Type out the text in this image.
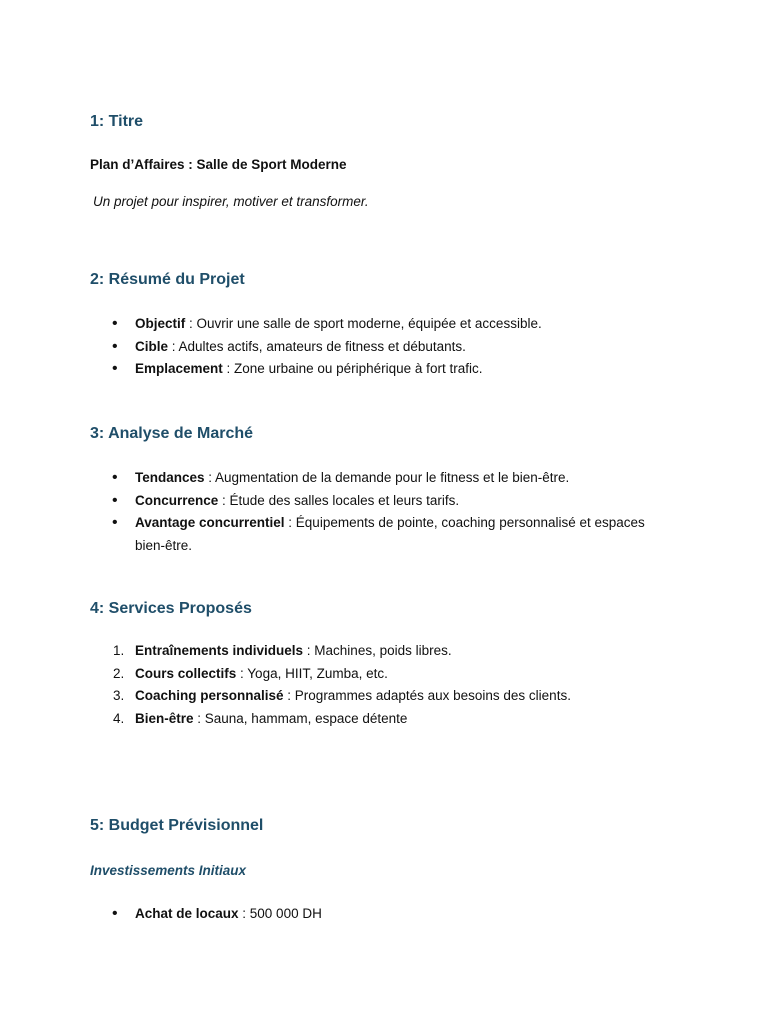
1: Titre

Plan d’Affaires : Salle de Sport Moderne

Un projet pour inspirer, motiver et transformer.

2: Résumé du Projet
• Objectif : Ouvrir une salle de sport moderne, équipée et accessible.
• Cible : Adultes actifs, amateurs de fitness et débutants.
• Emplacement : Zone urbaine ou périphérique à fort trafic.
3: Analyse de Marché
• Tendances : Augmentation de la demande pour le fitness et le bien-être.
• Concurrence : Étude des salles locales et leurs tarifs.
• Avantage concurrentiel : Équipements de pointe, coaching personnalisé et espaces bien-être.
4: Services Proposés
1. Entraînements individuels : Machines, poids libres.
2. Cours collectifs : Yoga, HIIT, Zumba, etc.
3. Coaching personnalisé : Programmes adaptés aux besoins des clients.
4. Bien-être : Sauna, hammam, espace détente
5: Budget Prévisionnel

Investissements Initiaux

• Achat de locaux : 500 000 DH
